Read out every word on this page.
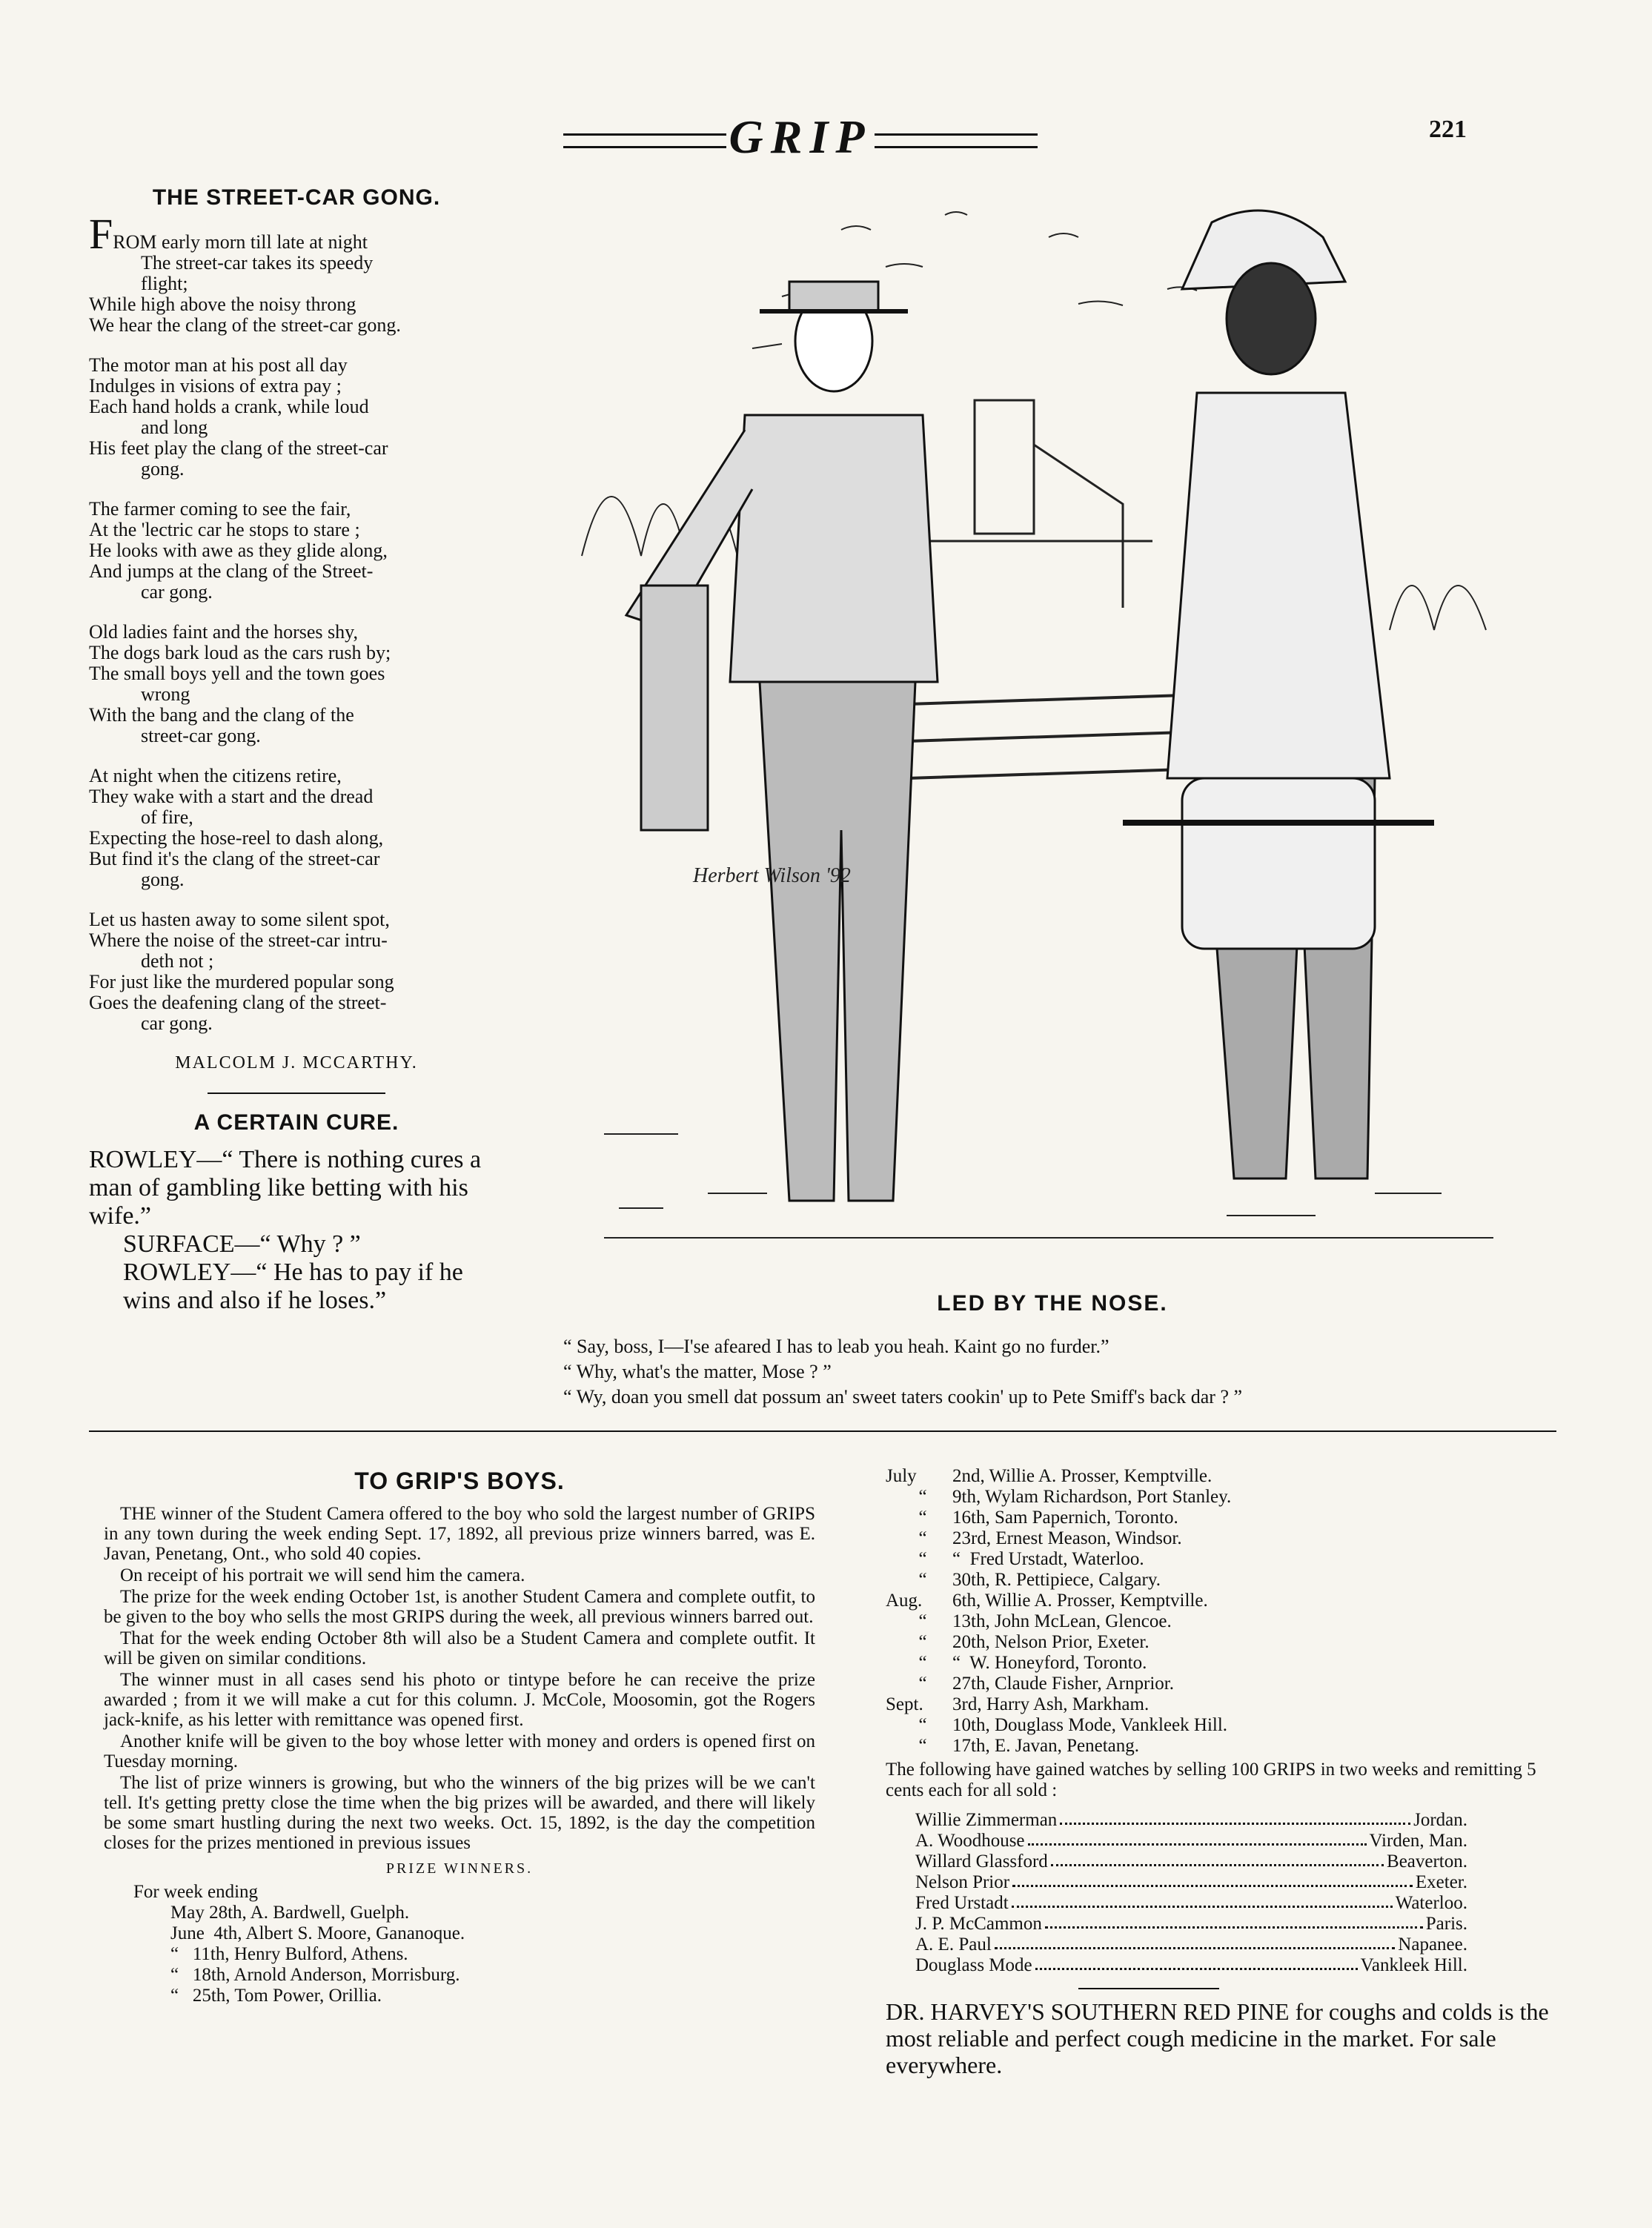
GRIP	221
THE STREET-CAR GONG.
FROM early morn till late at night
The street-car takes its speedy
flight;
While high above the noisy throng
We hear the clang of the street-car gong.
The motor man at his post all day
Indulges in visions of extra pay ;
Each hand holds a crank, while loud
and long
His feet play the clang of the street-car
gong.
The farmer coming to see the fair,
At the 'lectric car he stops to stare ;
He looks with awe as they glide along,
And jumps at the clang of the Street-
car gong.
Old ladies faint and the horses shy,
The dogs bark loud as the cars rush by;
The small boys yell and the town goes
wrong
With the bang and the clang of the
street-car gong.
At night when the citizens retire,
They wake with a start and the dread
of fire,
Expecting the hose-reel to dash along,
But find it's the clang of the street-car
gong.
Let us hasten away to some silent spot,
Where the noise of the street-car intru-
deth not ;
For just like the murdered popular song
Goes the deafening clang of the street-
car gong.
MALCOLM J. MCCARTHY.
A CERTAIN CURE.

ROWLEY—“ There is nothing cures a man of gambling like betting with his wife.”

SURFACE—“ Why ? ”

ROWLEY—“ He has to pay if he wins and also if he loses.”

Herbert Wilson '92
LED BY THE NOSE.

“ Say, boss, I—I'se afeared I has to leab you heah. Kaint go no furder.”

“ Why, what's the matter, Mose ? ”

“ Wy, doan you smell dat possum an' sweet taters cookin' up to Pete Smiff's back dar ? ”

TO GRIP'S BOYS.

THE winner of the Student Camera offered to the boy who sold the largest number of GRIPS in any town during the week ending Sept. 17, 1892, all previous prize winners barred, was E. Javan, Penetang, Ont., who sold 40 copies.

On receipt of his portrait we will send him the camera.

The prize for the week ending October 1st, is another Student Camera and complete outfit, to be given to the boy who sells the most GRIPS during the week, all previous winners barred out.

That for the week ending October 8th will also be a Student Camera and complete outfit. It will be given on similar conditions.

The winner must in all cases send his photo or tintype before he can receive the prize awarded ; from it we will make a cut for this column. J. McCole, Moosomin, got the Rogers jack-knife, as his letter with remittance was opened first.

Another knife will be given to the boy whose letter with money and orders is opened first on Tuesday morning.

The list of prize winners is growing, but who the winners of the big prizes will be we can't tell. It's getting pretty close the time when the big prizes will be awarded, and there will likely be some smart hustling during the next two weeks. Oct. 15, 1892, is the day the competition closes for the prizes mentioned in previous issues

PRIZE WINNERS.
For week ending
May 28th, A. Bardwell, Guelph.
June  4th, Albert S. Moore, Gananoque.
“   11th, Henry Bulford, Athens.
“   18th, Arnold Anderson, Morrisburg.
“   25th, Tom Power, Orillia.
July 2nd, Willie A. Prosser, Kemptville.
“ 9th, Wylam Richardson, Port Stanley.
“ 16th, Sam Papernich, Toronto.
“ 23rd, Ernest Meason, Windsor.
“ “  Fred Urstadt, Waterloo.
“ 30th, R. Pettipiece, Calgary.
Aug. 6th, Willie A. Prosser, Kemptville.
“ 13th, John McLean, Glencoe.
“ 20th, Nelson Prior, Exeter.
“ “  W. Honeyford, Toronto.
“ 27th, Claude Fisher, Arnprior.
Sept. 3rd, Harry Ash, Markham.
“ 10th, Douglass Mode, Vankleek Hill.
“ 17th, E. Javan, Penetang.
The following have gained watches by selling 100 GRIPS in two weeks and remitting 5 cents each for all sold :
Willie Zimmerman	Jordan.
A. Woodhouse	Virden, Man.
Willard Glassford	Beaverton.
Nelson Prior	Exeter.
Fred Urstadt	Waterloo.
J. P. McCammon	Paris.
A. E. Paul	Napanee.
Douglass Mode	Vankleek Hill.
DR. HARVEY'S SOUTHERN RED PINE for coughs and colds is the most reliable and perfect cough medicine in the market. For sale everywhere.
